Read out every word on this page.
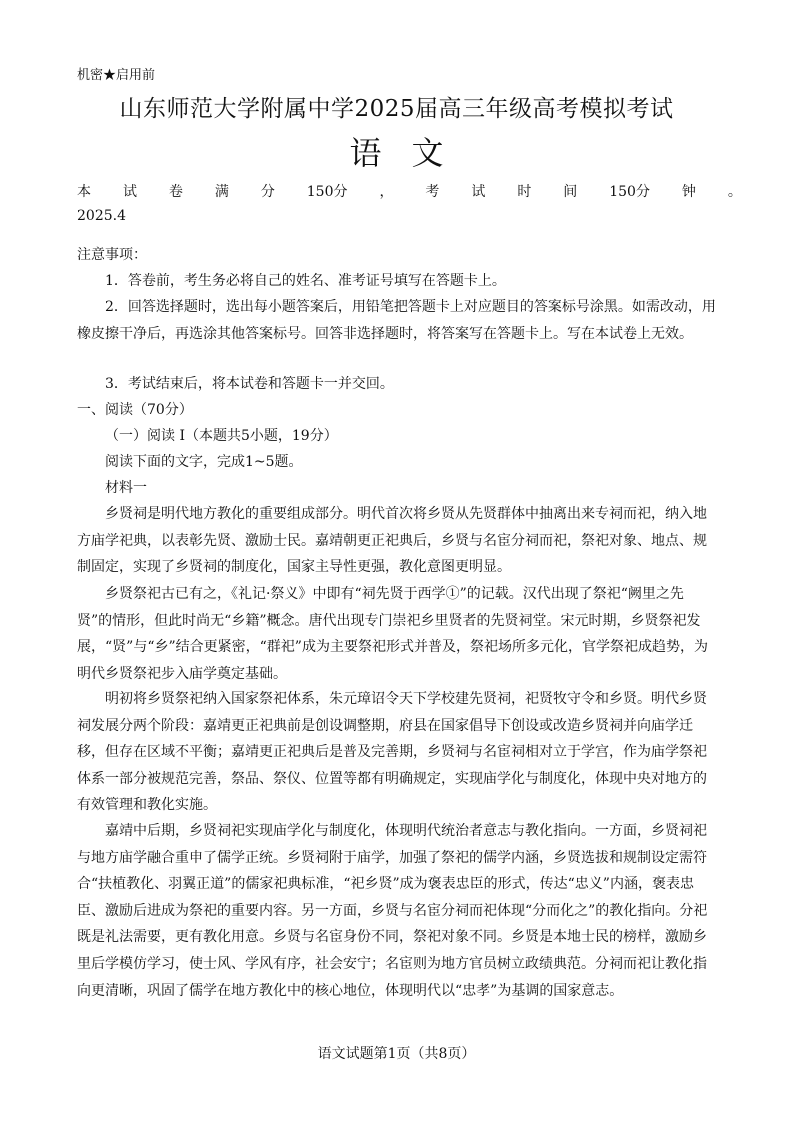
机密★启用前
山东师范大学附属中学2025届高三年级高考模拟考试
语文
本 试 卷 满 分 150分 ， 考 试 时 间 150分 钟 。
2025.4
注意事项：
1．答卷前，考生务必将自己的姓名、准考证号填写在答题卡上。
2．回答选择题时，选出每小题答案后，用铅笔把答题卡上对应题目的答案标号涂黑。如需改动，用橡皮擦干净后，再选涂其他答案标号。回答非选择题时，将答案写在答题卡上。写在本试卷上无效。
3．考试结束后，将本试卷和答题卡一并交回。
一、阅读（70分）
（一）阅读 I（本题共5小题，19分）
阅读下面的文字，完成1~5题。
材料一
乡贤祠是明代地方教化的重要组成部分。明代首次将乡贤从先贤群体中抽离出来专祠而祀，纳入地方庙学祀典，以表彰先贤、激励士民。嘉靖朝更正祀典后，乡贤与名宦分祠而祀，祭祀对象、地点、规制固定，实现了乡贤祠的制度化，国家主导性更强，教化意图更明显。
乡贤祭祀古已有之，《礼记·祭义》中即有“祠先贤于西学①”的记载。汉代出现了祭祀“阙里之先贤”的情形，但此时尚无“乡籍”概念。唐代出现专门崇祀乡里贤者的先贤祠堂。宋元时期，乡贤祭祀发展，“贤”与“乡”结合更紧密，“群祀”成为主要祭祀形式并普及，祭祀场所多元化，官学祭祀成趋势，为明代乡贤祭祀步入庙学奠定基础。
明初将乡贤祭祀纳入国家祭祀体系，朱元璋诏令天下学校建先贤祠，祀贤牧守令和乡贤。明代乡贤祠发展分两个阶段：嘉靖更正祀典前是创设调整期，府县在国家倡导下创设或改造乡贤祠并向庙学迁移，但存在区域不平衡；嘉靖更正祀典后是普及完善期，乡贤祠与名宦祠相对立于学宫，作为庙学祭祀体系一部分被规范完善，祭品、祭仪、位置等都有明确规定，实现庙学化与制度化，体现中央对地方的有效管理和教化实施。
嘉靖中后期，乡贤祠祀实现庙学化与制度化，体现明代统治者意志与教化指向。一方面，乡贤祠祀与地方庙学融合重申了儒学正统。乡贤祠附于庙学，加强了祭祀的儒学内涵，乡贤选拔和规制设定需符合“扶植教化、羽翼正道”的儒家祀典标准，“祀乡贤”成为褒表忠臣的形式，传达“忠义”内涵，褒表忠臣、激励后进成为祭祀的重要内容。另一方面，乡贤与名宦分祠而祀体现“分而化之”的教化指向。分祀既是礼法需要，更有教化用意。乡贤与名宦身份不同，祭祀对象不同。乡贤是本地士民的榜样，激励乡里后学模仿学习，使士风、学风有序，社会安宁；名宦则为地方官员树立政绩典范。分祠而祀让教化指向更清晰，巩固了儒学在地方教化中的核心地位，体现明代以“忠孝”为基调的国家意志。
语文试题第1页（共8页）
